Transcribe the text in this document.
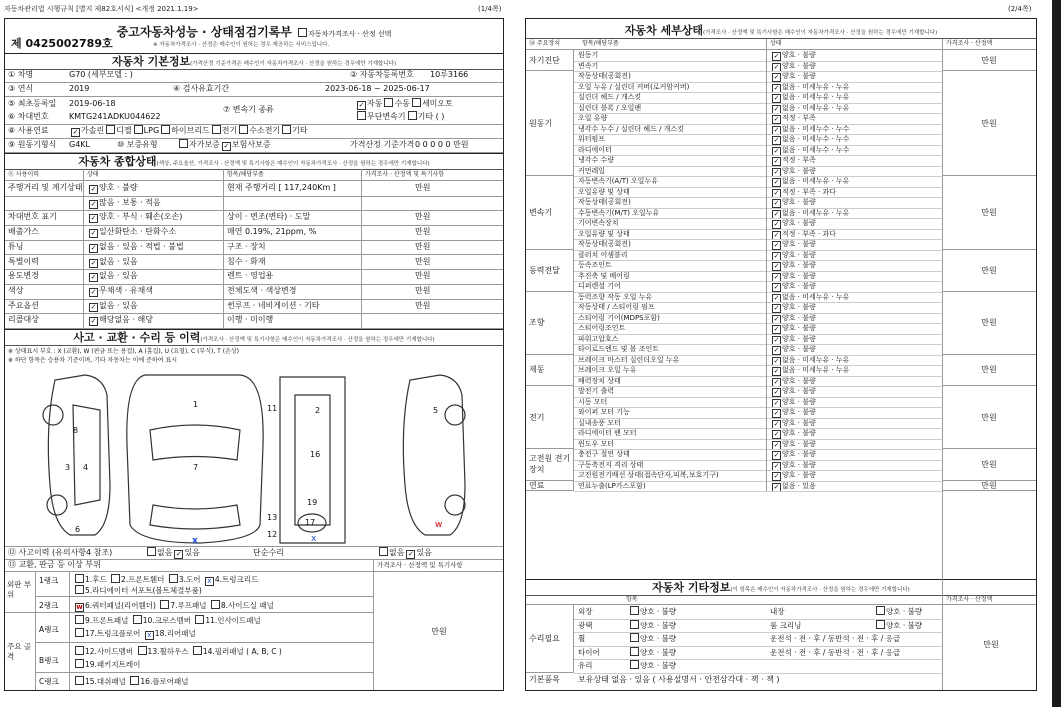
자동차관리법 시행규칙 [별지 제82호서식] <개정 2021.1.19>	(1/4쪽)	(2/4쪽)
중고자동차성능 · 상태점검기록부 자동차가격조사 · 산정 선택
제 0425002789호	※ 자동차가격조사 · 산정은 매수인이 원하는 경우 제공하는 서비스입니다.
자동차 기본정보(가격산정 기준가격은 매수인이 자동차가격조사 · 산정을 원하는 경우에만 기재합니다)
① 차명	G70 (세부모델 : )	② 자동차등록번호 10루3166
③ 연식	2019	④ 검사유효기간	2023-06-18 ~ 2025-06-17
⑤ 최초등록일 2019-06-18
⑥ 차대번호	KMTG241ADKU044622
⑦ 변속기 종류
✓자동 수동 세미오토
무단변속기 기타 ( )
⑧ 사용연료 ✓	가솔린 디젤 LPG 하이브리드 전기 수소전기 기타
⑨ 원동기형식 G4KL	⑩ 보증유형	자가보증 ✓ 보험사보증	가격산정 기준가격 0 0 0 0 0 만원
자동차 종합상태(색상, 주요옵션, 가격조사 · 산정액 및 특기사항은 매수인이 자동차가격조사 · 산정을 원하는 경우에만 기재합니다)
⑪ 사용이력	상태	항목/해당부품	가격조사 · 산정액 및 특기사항
주행거리 및 계기상태 ✓	양호 · 불량	현재 주행거리 [ 117,240Km ]	만원
✓많음 · 보통 · 적음
차대번호 표기 ✓	양호 · 부식 · 훼손(오손)	상이 · 변조(변타) · 도말	만원
배출가스 ✓	일산화탄소 · 탄화수소	매연 0.19%, 21ppm, %	만원
튜닝 ✓	없음 · 있음 · 적법 · 불법	구조 · 장치	만원
특별이력 ✓	없음 · 있음	침수 · 화재	만원
용도변경 ✓	없음 · 있음	렌트 · 영업용	만원
색상 ✓	무채색 · 유채색	전체도색 · 색상변경	만원
주요옵션 ✓	없음 · 있음	썬루프 · 네비게이션 · 기타	만원
리콜대상 ✓	해당없음 · 해당	이행 · 미이행
사고 · 교환 · 수리 등 이력(가격조사 · 산정액 및 특기사항은 매수인이 자동차가격조사 · 산정을 원하는 경우에만 기재합니다)
※ 상태표시 부호 : X (교환), W (판금 또는 용접), A (흠집), U (요철), C (부식), T (손상)
※ 하단 항목은 승용차 기준이며, 기타 자동차는 이에 준하여 표시
1
3 4
8
6
7
2
16
17
11
12
13
19
5
x	x
w
⑫ 사고이력 (유의사항4 참조)	없음 ✓ 있음	단순수리	없음 ✓ 있음
⑬ 교환, 판금 등 이상 부위	가격조사 · 산정액 및 특기사항
외판 부위
주요 골격
1랭크	1.후드 2.프론트휀더 3.도어 x 4.트렁크리드
5.라디에이터 서포트(볼트체결부품)
2랭크	w 6.쿼터패널(리어휀더) 7.루프패널 8.사이드실 패널
A랭크
9.프론트패널 10.크로스멤버 11.인사이드패널
17.트렁크플로어 x 18.리어패널
B랭크
12.사이드멤버 13.휠하우스 14.필러패널 ( A, B, C )
19.패키지트레이
C랭크	15.대쉬패널 16.플로어패널
만원
자동차 세부상태(가격조사 · 산정액 및 특기사항은 매수인이 자동차가격조사 · 산정을 원하는 경우에만 기재합니다)
⑭ 주요장치	항목/해당부품	상태	가격조사 · 산정액
자기진단	만원
원동기 ✓	양호 · 불량
변속기 ✓	양호 · 불량
원동기	만원
작동상태(공회전) ✓	양호 · 불량
오일 누유 / 실린더 커버(로커암커버) ✓	없음 · 미세누유 · 누유
실린더 헤드 / 개스킷 ✓	없음 · 미세누유 · 누유
실린더 블록 / 오일팬 ✓	없음 · 미세누유 · 누유
오일 유량 ✓	적정 · 부족
냉각수 누수 / 실린더 헤드 / 개스킷 ✓	없음 · 미세누수 · 누수
워터펌프 ✓	없음 · 미세누수 · 누수
라디에이터 ✓	없음 · 미세누수 · 누수
냉각수 수량 ✓	적정 · 부족
커먼레일 ✓	양호 · 불량
변속기	만원
자동변속기(A/T) 오일누유 ✓	없음 · 미세누유 · 누유
오일유량 및 상태 ✓	적정 · 부족 · 과다
작동상태(공회전) ✓	양호 · 불량
수동변속기(M/T) 오일누유 ✓	없음 · 미세누유 · 누유
기어변속장치 ✓	양호 · 불량
오일유량 및 상태 ✓	적정 · 부족 · 과다
작동상태(공회전) ✓	양호 · 불량
동력전달	만원
클러치 어셈블리 ✓	양호 · 불량
등속조인트 ✓	양호 · 불량
추진축 및 베어링 ✓	양호 · 불량
디퍼렌셜 기어 ✓	양호 · 불량
조향	만원
동력조향 작동 오일 누유 ✓	없음 · 미세누유 · 누유
작동상태 / 스티어링 펌프 ✓	양호 · 불량
스티어링 기어(MDPS포함) ✓	양호 · 불량
스티어링조인트 ✓	양호 · 불량
파워고압호스 ✓	양호 · 불량
타이로드엔드 및 볼 조인트 ✓	양호 · 불량
제동	만원
브레이크 마스터 실린더오일 누유 ✓	없음 · 미세누유 · 누유
브레이크 오일 누유 ✓	없음 · 미세누유 · 누유
배력장치 상태 ✓	양호 · 불량
전기	만원
발전기 출력 ✓	양호 · 불량
시동 모터 ✓	양호 · 불량
와이퍼 모터 기능 ✓	양호 · 불량
실내송풍 모터 ✓	양호 · 불량
라디에이터 팬 모터 ✓	양호 · 불량
윈도우 모터 ✓	양호 · 불량
고전원 전기장치
만원
충전구 절연 상태 ✓	양호 · 불량
구동축전지 격리 상태 ✓	양호 · 불량
고전원전기배선 상태(접속단자,피복,보호기구) ✓	양호 · 불량
연료	만원
연료누출(LP가스포함) ✓	없음 · 있음
자동차 기타정보(이 항목은 매수인이 자동차가격조사 · 산정을 원하는 경우에만 기재합니다)
항목	가격조사 · 산정액
수리필요
외장	양호 · 불량	내장	양호 · 불량
광택	양호 · 불량	룸 크리닝	양호 · 불량
휠	양호 · 불량	운전석 · 전 · 후 / 동반석 · 전 · 후 / 응급
타이어	양호 · 불량	운전석 · 전 · 후 / 동반석 · 전 · 후 / 응급
유리	양호 · 불량
만원
기본품목 보유상태 없음 · 있음 ( 사용설명서 · 안전삼각대 · 잭 · 잭 )
